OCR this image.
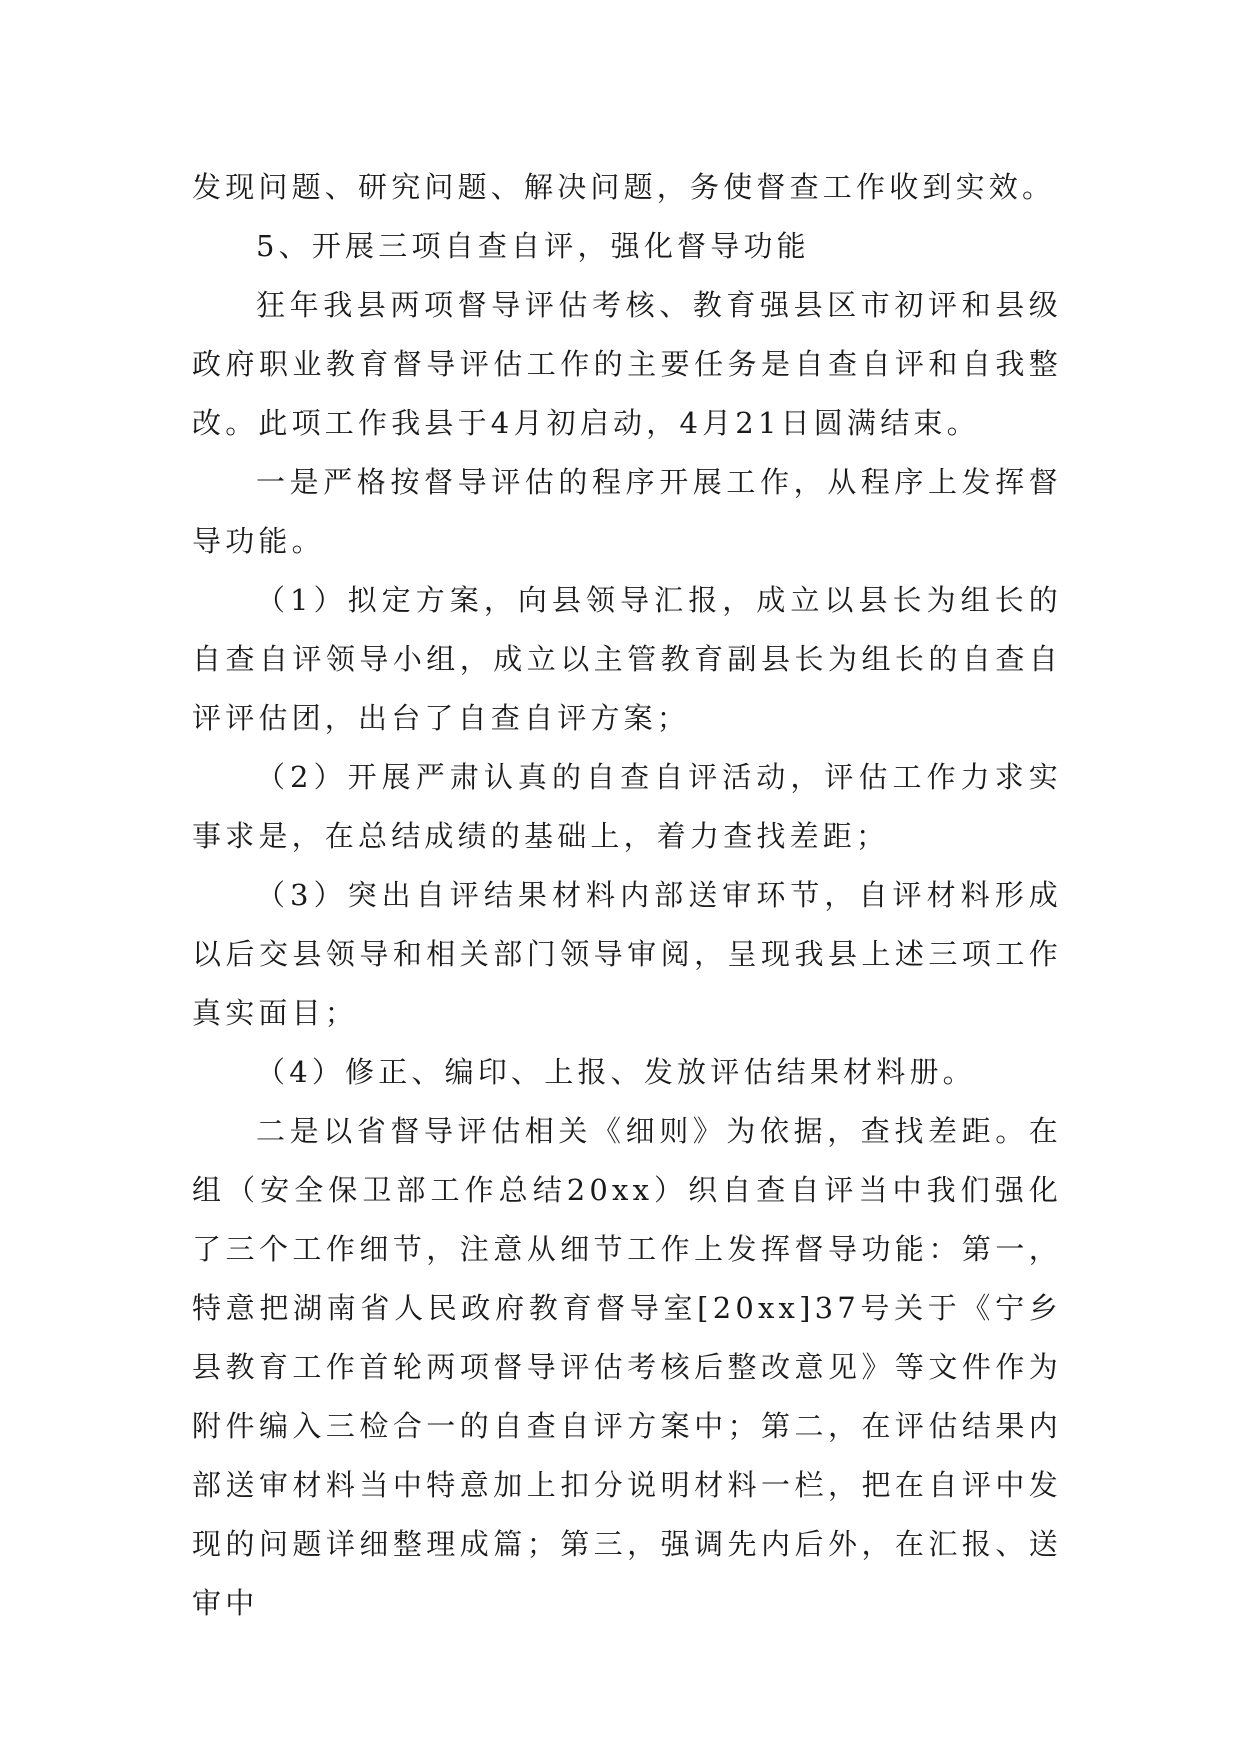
发现问题、研究问题、解决问题，务使督查工作收到实效。

5、开展三项自查自评，强化督导功能

狂年我县两项督导评估考核、教育强县区市初评和县级政府职业教育督导评估工作的主要任务是自查自评和自我整改。此项工作我县于4月初启动，4月21日圆满结束。

一是严格按督导评估的程序开展工作，从程序上发挥督导功能。

（1）拟定方案，向县领导汇报，成立以县长为组长的自查自评领导小组，成立以主管教育副县长为组长的自查自评评估团，出台了自查自评方案；

（2）开展严肃认真的自查自评活动，评估工作力求实事求是，在总结成绩的基础上，着力查找差距；

（3）突出自评结果材料内部送审环节，自评材料形成以后交县领导和相关部门领导审阅，呈现我县上述三项工作真实面目；

（4）修正、编印、上报、发放评估结果材料册。

二是以省督导评估相关《细则》为依据，查找差距。在组（安全保卫部工作总结20xx）织自查自评当中我们强化了三个工作细节，注意从细节工作上发挥督导功能：第一，特意把湖南省人民政府教育督导室[20xx]37号关于《宁乡县教育工作首轮两项督导评估考核后整改意见》等文件作为附件编入三检合一的自查自评方案中；第二，在评估结果内部送审材料当中特意加上扣分说明材料一栏，把在自评中发现的问题详细整理成篇；第三，强调先内后外，在汇报、送审中
